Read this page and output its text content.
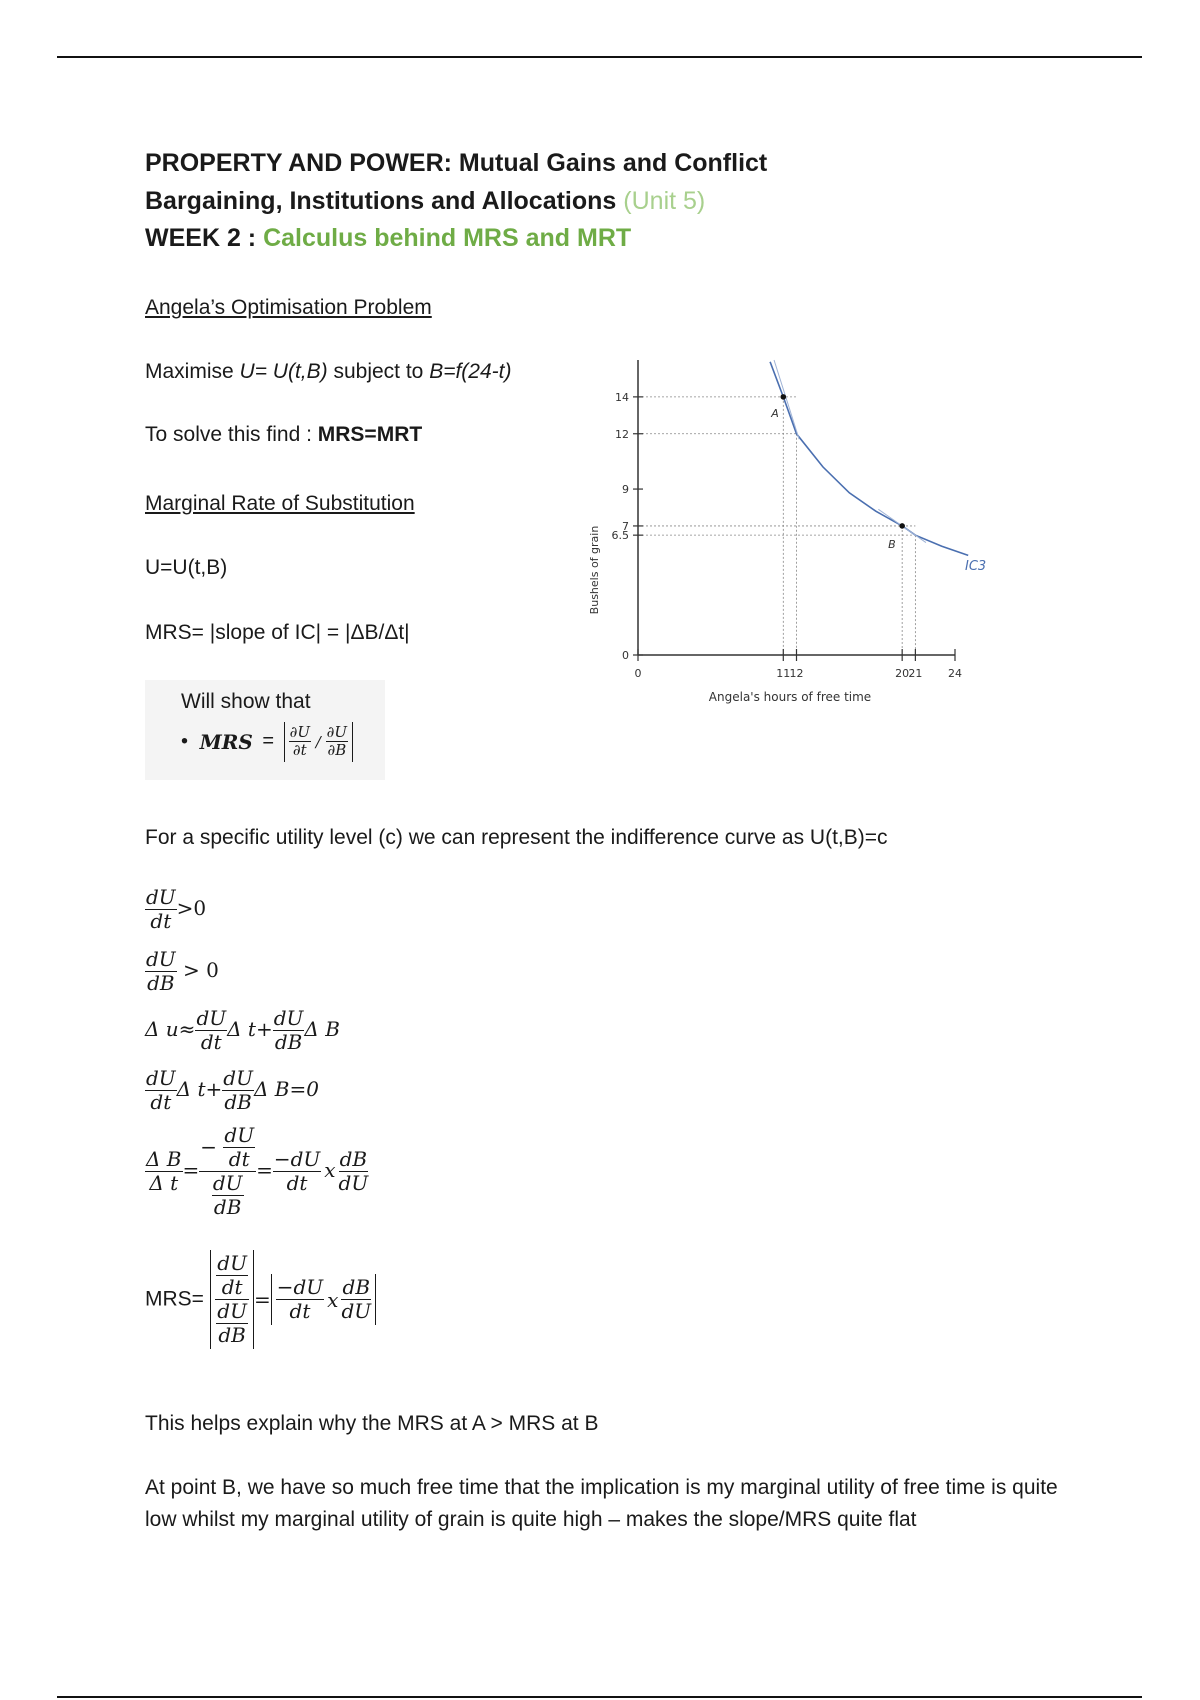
PROPERTY AND POWER: Mutual Gains and Conflict
Bargaining, Institutions and Allocations (Unit 5)
WEEK 2 : Calculus behind MRS and MRT
Angela’s Optimisation Problem
Maximise U= U(t,B) subject to B=f(24-t)
To solve this find : MRS=MRT
Marginal Rate of Substitution
U=U(t,B)
MRS= |slope of IC| = |ΔB/Δt|
Will show that
• MRS = $\frac{\partial U}{\partial t} / \frac{\partial U}{\partial B}$
0
6.5
7
9
12
14
0	11 12	20 21 24
A
B
IC3
Angela's hours of free time
Bushels of grain
For a specific utility level (c) we can represent the indifference curve as U(t,B)=c
$\frac{dU}{dt} >0$
$\frac{dU}{dB} > 0$
Δ $u\approx \frac{dU}{dt}$ Δ $t+ \frac{dU}{dB}$ Δ B
$\frac{dU}{dt}$ Δ $t+ \frac{dU}{dB}$ Δ B=0
$\frac{\text{Δ B}}{\text{Δ t}} = \frac{- \frac{dU}{dt}}{\frac{dU}{dB}} = \frac{-dU}{dt}$ x $\frac{dB}{dU}$
$MRS= \frac{\frac{dU}{dt}}{\frac{dU}{dB}} = \frac{-dU}{dt}$ x $\frac{dB}{dU}$
This helps explain why the MRS at A > MRS at B
At point B, we have so much free time that the implication is my marginal utility of free time is quite low whilst my marginal utility of grain is quite high – makes the slope/MRS quite flat
